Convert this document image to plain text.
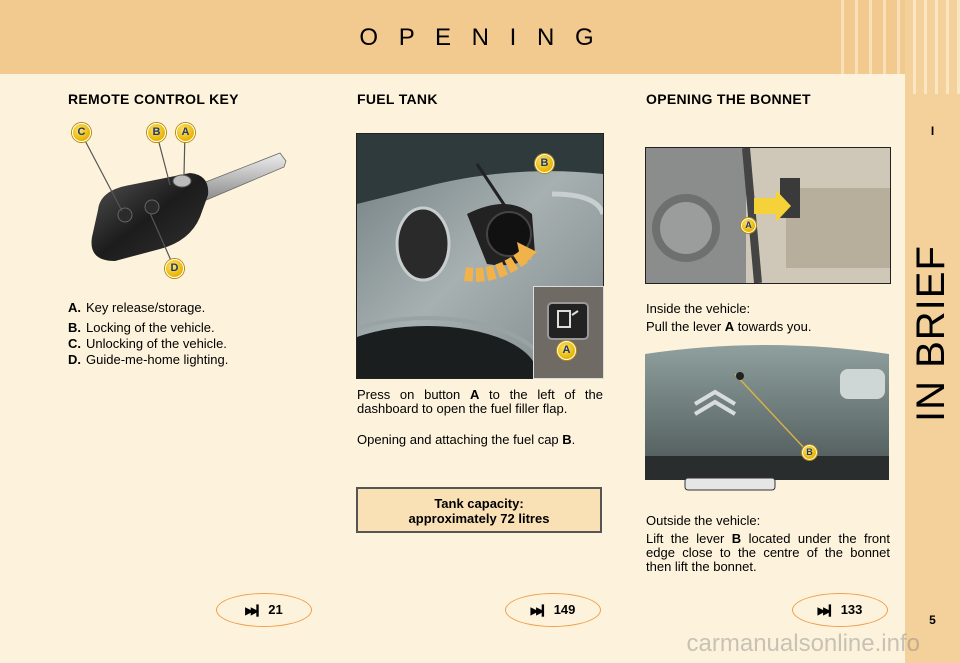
O P E N I N G
I
IN BRIEF
5
REMOTE CONTROL KEY
C	B	A
D
A. Key release/storage.
B. Locking of the vehicle.
C. Unlocking of the vehicle.
D. Guide-me-home lighting.
▶▶▎ 21
FUEL TANK
B
A
Press on button A to the left of the dashboard to open the fuel filler flap.
Opening and attaching the fuel cap B.
Tank capacity:
approximately 72 litres
▶▶▎ 149
OPENING THE BONNET
A
Inside the vehicle:
Pull the lever A towards you.
B
Outside the vehicle:
Lift the lever B located under the front edge close to the centre of the bonnet then lift the bonnet.
▶▶▎ 133
carmanualsonline.info
